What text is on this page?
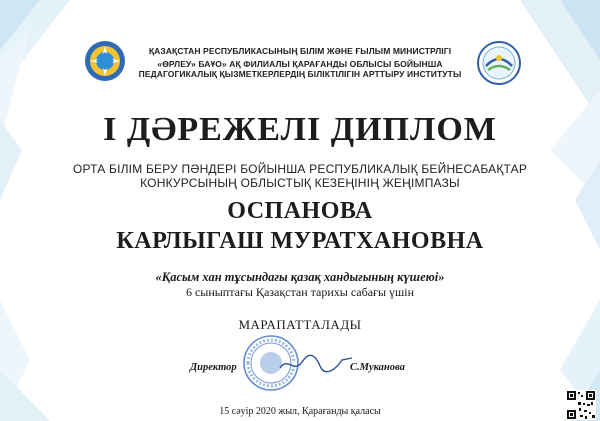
ҚАЗАҚСТАН РЕСПУБЛИКАСЫНЫҢ БІЛІМ ЖӘНЕ ҒЫЛЫМ МИНИСТРЛІГІ
«ӨРЛЕУ» БАҰО» АҚ ФИЛИАЛЫ ҚАРАҒАНДЫ ОБЛЫСЫ БОЙЫНША
ПЕДАГОГИКАЛЫҚ ҚЫЗМЕТКЕРЛЕРДІҢ БІЛІКТІЛІГІН АРТТЫРУ ИНСТИТУТЫ
І ДӘРЕЖЕЛІ ДИПЛОМ
ОРТА БІЛІМ БЕРУ ПӘНДЕРІ БОЙЫНША РЕСПУБЛИКАЛЫҚ БЕЙНЕСАБАҚТАР
КОНКУРСЫНЫҢ ОБЛЫСТЫҚ КЕЗЕҢІНІҢ ЖЕҢІМПАЗЫ
ОСПАНОВА
КАРЛЫГАШ МУРАТХАНОВНА
«Қасым хан тұсындағы қазақ хандығының күшеюі»
6 сыныптағы Қазақстан тарихы сабағы үшін
МАРАПАТТАЛАДЫ
Директор	С.Муканова
15 сәуір 2020 жыл, Қарағанды қаласы
